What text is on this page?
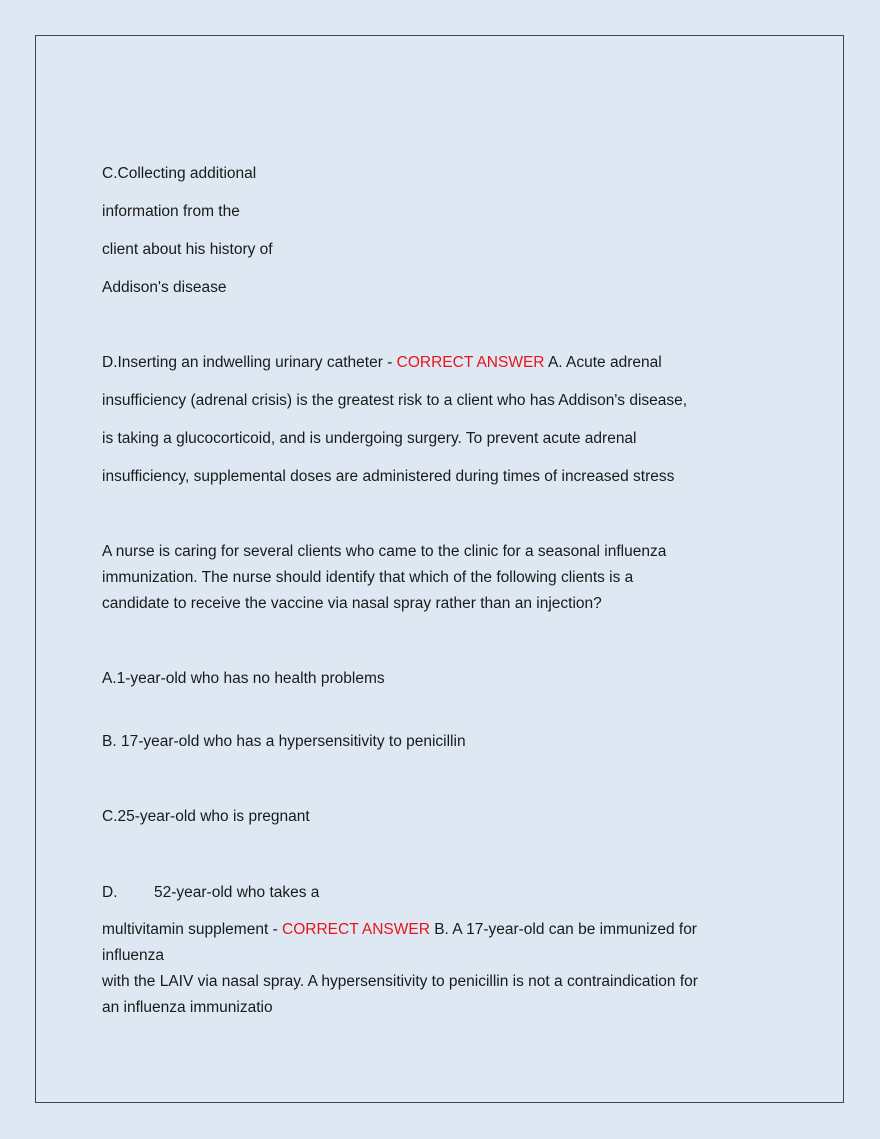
C.Collecting additional
information from the
client about his history of
Addison's disease
D.Inserting an indwelling urinary catheter - CORRECT ANSWER A. Acute adrenal
insufficiency (adrenal crisis) is the greatest risk to a client who has Addison's disease,
is taking a glucocorticoid, and is undergoing surgery. To prevent acute adrenal
insufficiency, supplemental doses are administered during times of increased stress
A nurse is caring for several clients who came to the clinic for a seasonal influenza
immunization. The nurse should identify that which of the following clients is a
candidate to receive the vaccine via nasal spray rather than an injection?
A.1-year-old who has no health problems
B. 17-year-old who has a hypersensitivity to penicillin
C.25-year-old who is pregnant
D. 52-year-old who takes a
multivitamin supplement - CORRECT ANSWER B. A 17-year-old can be immunized for
influenza
with the LAIV via nasal spray. A hypersensitivity to penicillin is not a contraindication for
an influenza immunizatio
